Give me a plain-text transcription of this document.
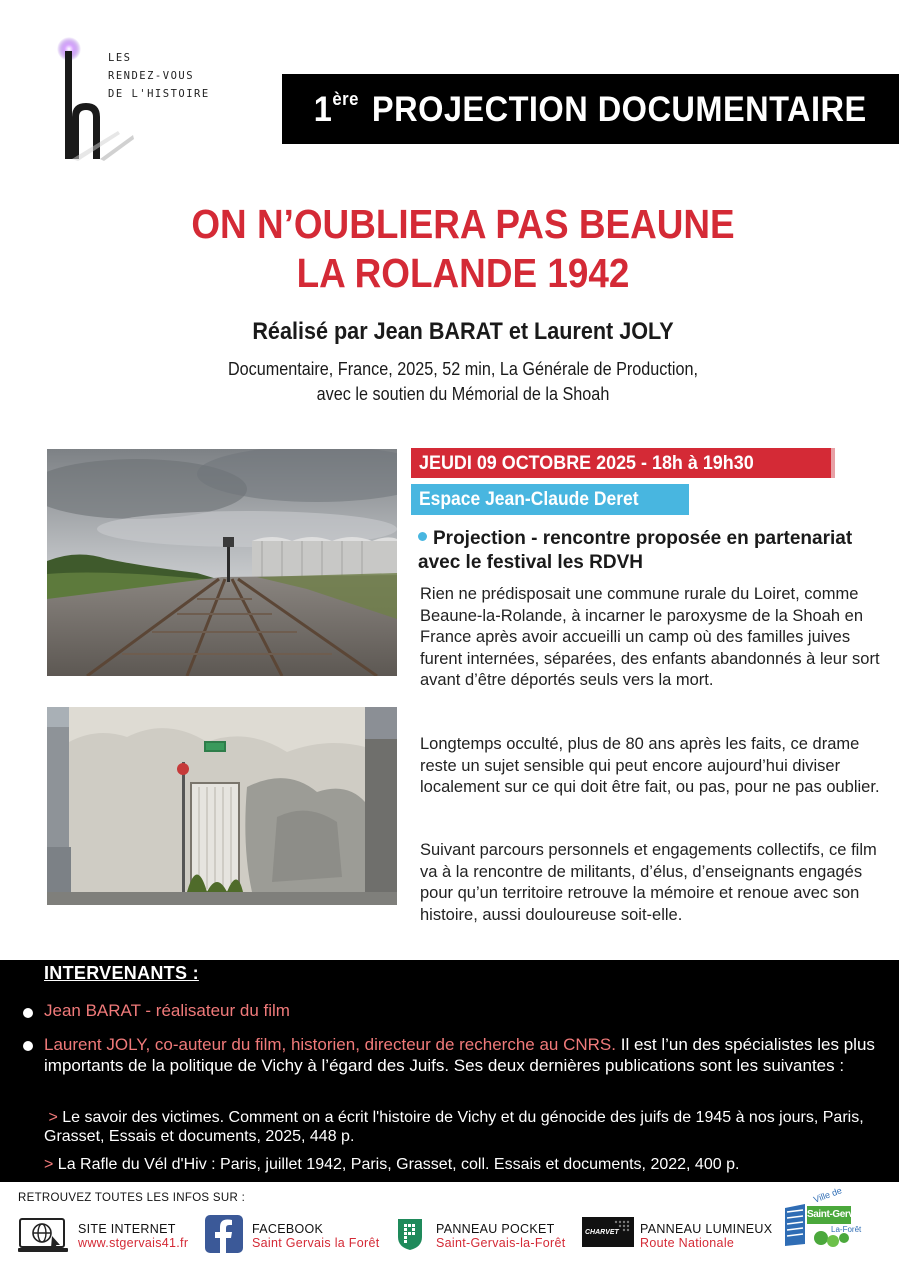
LES
RENDEZ-VOUS
DE L'HISTOIRE	1ère PROJECTION DOCUMENTAIRE
ON N’OUBLIERA PAS BEAUNE
LA ROLANDE 1942
Réalisé par Jean BARAT et Laurent JOLY
Documentaire, France, 2025, 52 min, La Générale de Production,
avec le soutien du Mémorial de la Shoah
JEUDI 09 OCTOBRE 2025 - 18h à 19h30
Espace Jean-Claude Deret
Projection - rencontre proposée en partenariat avec le festival les RDVH
Rien ne prédisposait une commune rurale du Loiret, comme Beaune-la-Rolande, à incarner le paroxysme de la Shoah en France après avoir accueilli un camp où des familles juives furent internées, séparées, des enfants abandonnés à leur sort avant d’être déportés seuls vers la mort.
Longtemps occulté, plus de 80 ans après les faits, ce drame reste un sujet sensible qui peut encore aujourd’hui diviser localement sur ce qui doit être fait, ou pas, pour ne pas oublier.
Suivant parcours personnels et engagements collectifs, ce film va à la rencontre de militants, d’élus, d’enseignants engagés pour qu’un territoire retrouve la mémoire et renoue avec son histoire, aussi douloureuse soit-elle.
INTERVENANTS :
Jean BARAT - réalisateur du film
Laurent JOLY, co-auteur du film, historien, directeur de recherche au CNRS. Il est l’un des spécialistes les plus importants de la politique de Vichy à l’égard des Juifs. Ses deux dernières publications sont les suivantes :
> Le savoir des victimes. Comment on a écrit l'histoire de Vichy et du génocide des juifs de 1945 à nos jours, Paris, Grasset, Essais et documents, 2025, 448 p.
> La Rafle du Vél d'Hiv : Paris, juillet 1942, Paris, Grasset, coll. Essais et documents, 2022, 400 p.
RETROUVEZ TOUTES LES INFOS SUR :
SITE INTERNET
www.stgervais41.fr
FACEBOOK
Saint Gervais la Forêt
PANNEAU POCKET
Saint-Gervais-la-Forêt
CHARVET PANNEAU LUMINEUX
Route Nationale
Ville de
Saint-Gervais
La-Forêt
